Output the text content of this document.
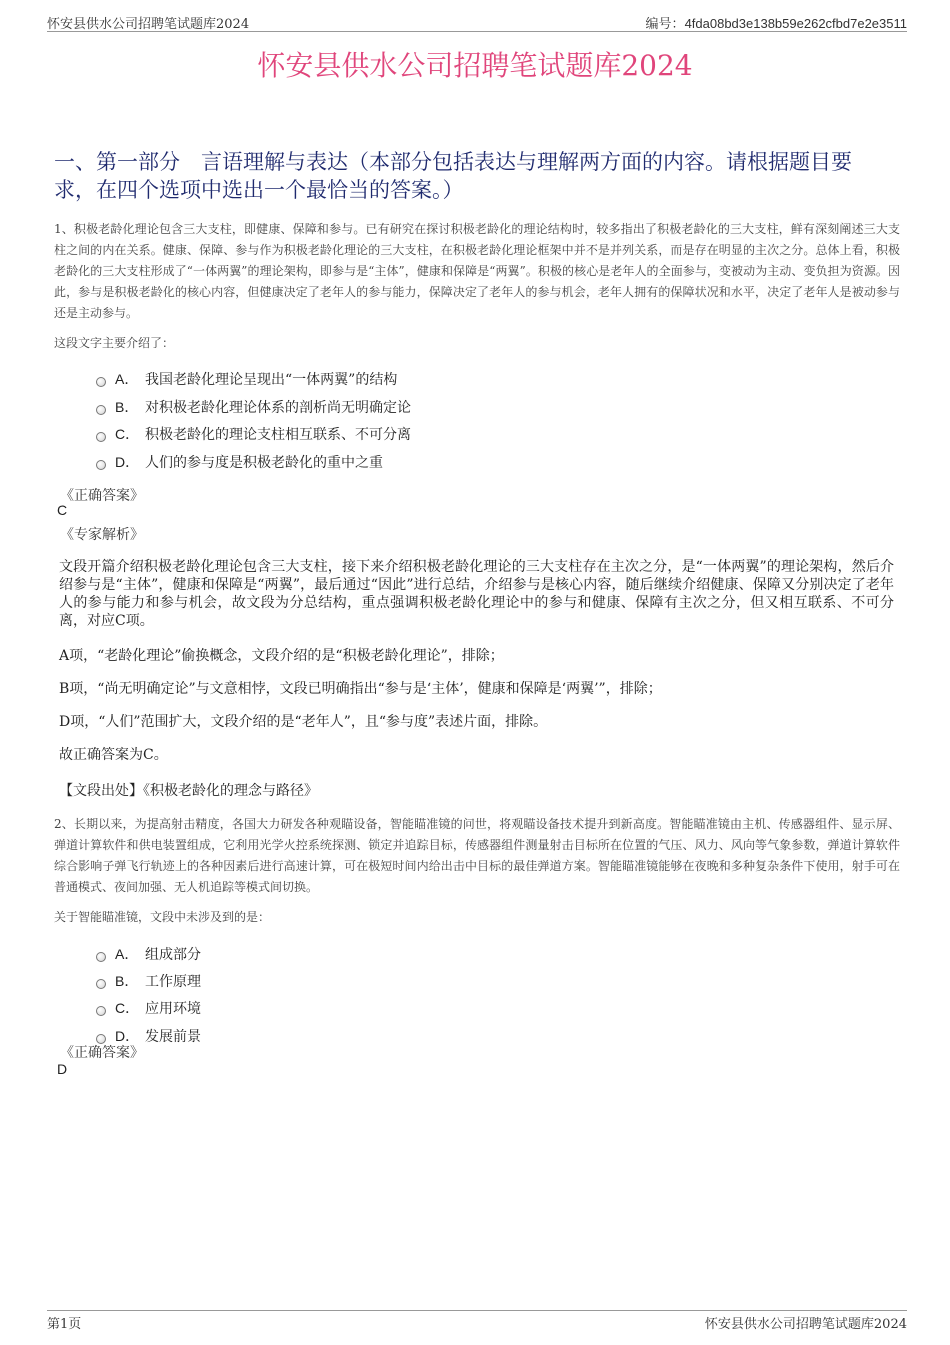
怀安县供水公司招聘笔试题库2024	编号：4fda08bd3e138b59e262cfbd7e2e3511
怀安县供水公司招聘笔试题库2024
一、第一部分　言语理解与表达（本部分包括表达与理解两方面的内容。请根据题目要求，在四个选项中选出一个最恰当的答案。）
1、积极老龄化理论包含三大支柱，即健康、保障和参与。已有研究在探讨积极老龄化的理论结构时，较多指出了积极老龄化的三大支柱，鲜有深刻阐述三大支柱之间的内在关系。健康、保障、参与作为积极老龄化理论的三大支柱，在积极老龄化理论框架中并不是并列关系，而是存在明显的主次之分。总体上看，积极老龄化的三大支柱形成了“一体两翼”的理论架构，即参与是“主体”，健康和保障是“两翼”。积极的核心是老年人的全面参与，变被动为主动、变负担为资源。因此，参与是积极老龄化的核心内容，但健康决定了老年人的参与能力，保障决定了老年人的参与机会，老年人拥有的保障状况和水平，决定了老年人是被动参与还是主动参与。
这段文字主要介绍了：
A． 我国老龄化理论呈现出“一体两翼”的结构
B． 对积极老龄化理论体系的剖析尚无明确定论
C． 积极老龄化的理论支柱相互联系、不可分离
D． 人们的参与度是积极老龄化的重中之重
《正确答案》
C
《专家解析》
文段开篇介绍积极老龄化理论包含三大支柱，接下来介绍积极老龄化理论的三大支柱存在主次之分，是“一体两翼”的理论架构，然后介绍参与是“主体”，健康和保障是“两翼”，最后通过“因此”进行总结，介绍参与是核心内容，随后继续介绍健康、保障又分别决定了老年人的参与能力和参与机会，故文段为分总结构，重点强调积极老龄化理论中的参与和健康、保障有主次之分，但又相互联系、不可分离，对应C项。
A项，“老龄化理论”偷换概念，文段介绍的是“积极老龄化理论”，排除；
B项，“尚无明确定论”与文意相悖，文段已明确指出“参与是‘主体’，健康和保障是‘两翼’”，排除；
D项，“人们”范围扩大，文段介绍的是“老年人”，且“参与度”表述片面，排除。
故正确答案为C。
【文段出处】《积极老龄化的理念与路径》
2、长期以来，为提高射击精度，各国大力研发各种观瞄设备，智能瞄准镜的问世，将观瞄设备技术提升到新高度。智能瞄准镜由主机、传感器组件、显示屏、弹道计算软件和供电装置组成，它利用光学火控系统探测、锁定并追踪目标，传感器组件测量射击目标所在位置的气压、风力、风向等气象参数，弹道计算软件综合影响子弹飞行轨迹上的各种因素后进行高速计算，可在极短时间内给出击中目标的最佳弹道方案。智能瞄准镜能够在夜晚和多种复杂条件下使用，射手可在普通模式、夜间加强、无人机追踪等模式间切换。
关于智能瞄准镜，文段中未涉及到的是：
A． 组成部分
B． 工作原理
C． 应用环境
D． 发展前景
《正确答案》
D
第1页	怀安县供水公司招聘笔试题库2024
